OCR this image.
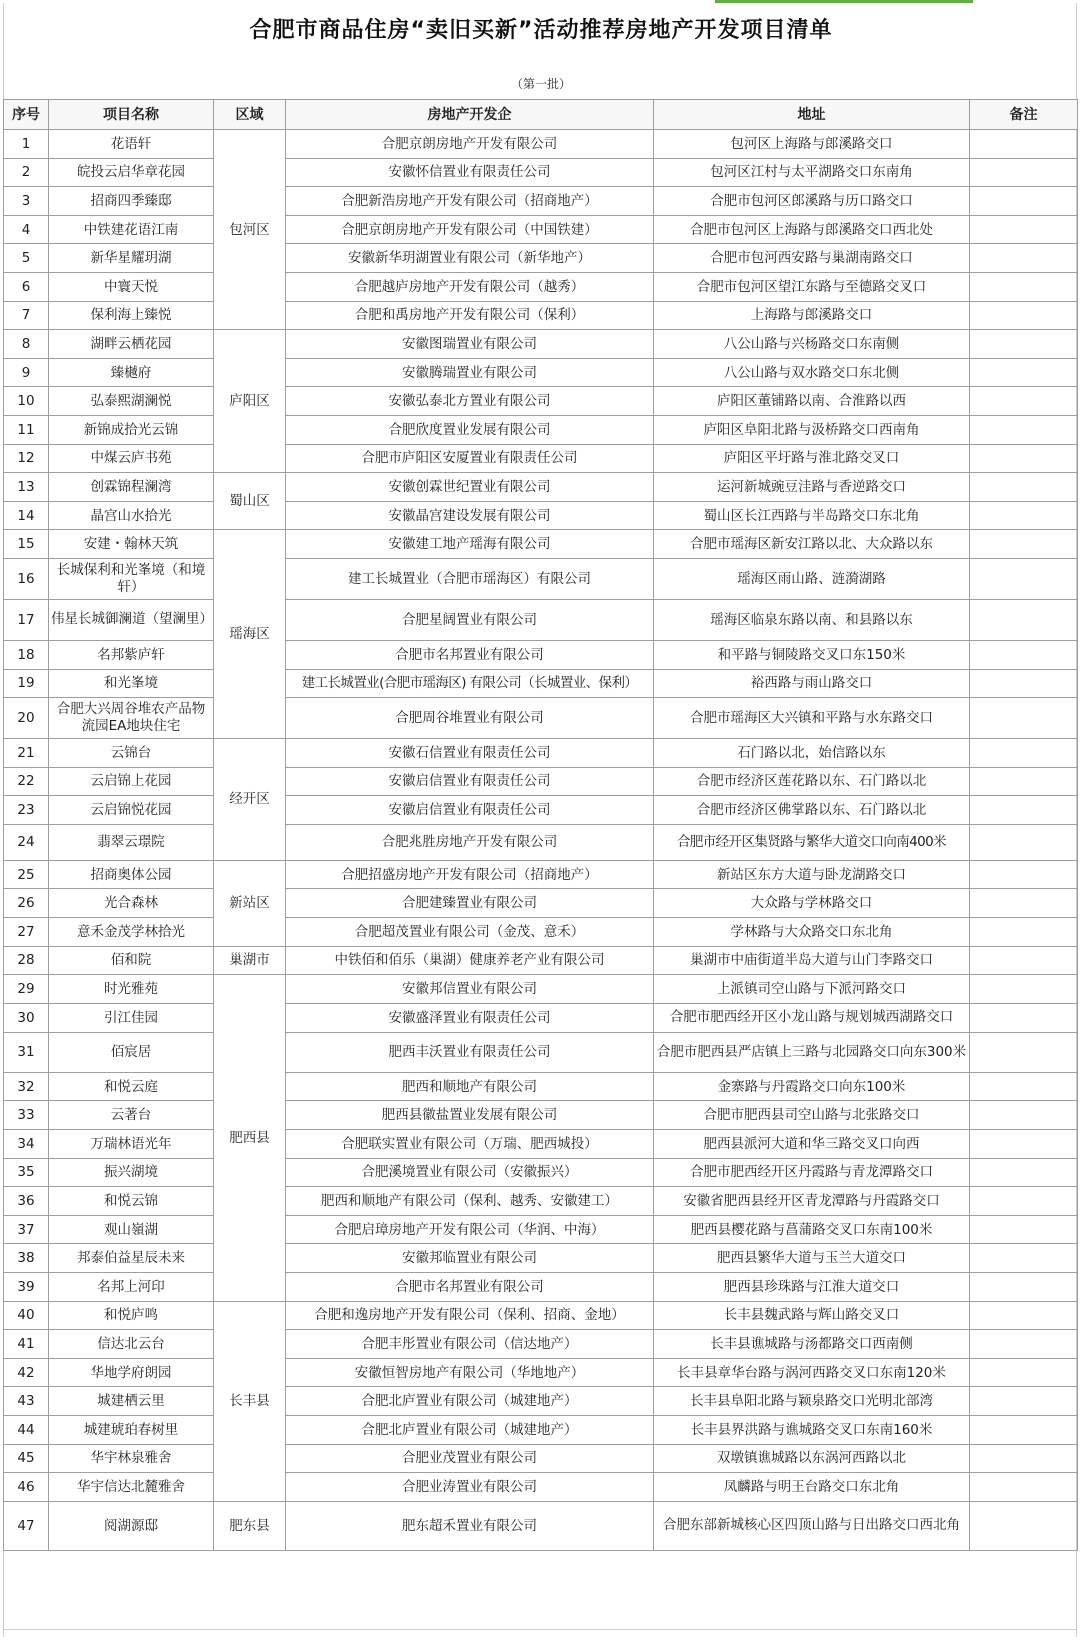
合肥市商品住房“卖旧买新”活动推荐房地产开发项目清单
（第一批）
序号	项目名称	区域	房地产开发企	地址	备注
1	花语轩	包河区	合肥京朗房地产开发有限公司	包河区上海路与郎溪路交口	
2	皖投云启华章花园		安徽怀信置业有限责任公司	包河区江村与太平湖路交口东南角	
3	招商四季臻邸		合肥新浩房地产开发有限公司（招商地产）	合肥市包河区郎溪路与历口路交口	
4	中铁建花语江南		合肥京朗房地产开发有限公司（中国铁建）	合肥市包河区上海路与郎溪路交口西北处	
5	新华星耀玥湖		安徽新华玥湖置业有限公司（新华地产）	合肥市包河西安路与巢湖南路交口	
6	中寰天悦		合肥越庐房地产开发有限公司（越秀）	合肥市包河区望江东路与至德路交叉口	
7	保利海上臻悦		合肥和禹房地产开发有限公司（保利）	上海路与郎溪路交口	
8	湖畔云栖花园	庐阳区	安徽图瑞置业有限公司	八公山路与兴杨路交口东南侧	
9	臻樾府		安徽腾瑞置业有限公司	八公山路与双水路交口东北侧	
10	弘泰熙湖澜悦		安徽弘泰北方置业有限公司	庐阳区董铺路以南、合淮路以西	
11	新锦成拾光云锦		合肥欣度置业发展有限公司	庐阳区阜阳北路与汲桥路交口西南角	
12	中煤云庐书苑		合肥市庐阳区安厦置业有限责任公司	庐阳区平圩路与淮北路交叉口	
13	创霖锦程澜湾	蜀山区	安徽创霖世纪置业有限公司	运河新城豌豆洼路与香逆路交口	
14	晶宫山水拾光		安徽晶宫建设发展有限公司	蜀山区长江西路与半岛路交口东北角	
15	安建・翰林天筑	瑶海区	安徽建工地产瑶海有限公司	合肥市瑶海区新安江路以北、大众路以东	
16	长城保利和光峯境（和境轩）		建工长城置业（合肥市瑶海区）有限公司	瑶海区雨山路、涟漪湖路	
17	伟星长城御澜道（望澜里）		合肥星阔置业有限公司	瑶海区临泉东路以南、和县路以东	
18	名邦紫庐轩		合肥市名邦置业有限公司	和平路与铜陵路交叉口东150米	
19	和光峯境		建工长城置业(合肥市瑶海区) 有限公司（长城置业、保利）	裕西路与雨山路交口	
20	合肥大兴周谷堆农产品物流园EA地块住宅		合肥周谷堆置业有限公司	合肥市瑶海区大兴镇和平路与水东路交口	
21	云锦台	经开区	安徽石信置业有限责任公司	石门路以北，始信路以东	
22	云启锦上花园		安徽启信置业有限责任公司	合肥市经济区莲花路以东、石门路以北	
23	云启锦悦花园		安徽启信置业有限责任公司	合肥市经济区佛掌路以东、石门路以北	
24	翡翠云璟院		合肥兆胜房地产开发有限公司	合肥市经开区集贤路与繁华大道交口向南400米	
25	招商奥体公园	新站区	合肥招盛房地产开发有限公司（招商地产）	新站区东方大道与卧龙湖路交口	
26	光合森林		合肥建臻置业有限公司	大众路与学林路交口	
27	意禾金茂学林拾光		合肥超茂置业有限公司（金茂、意禾）	学林路与大众路交口东北角	
28	佰和院	巢湖市	中铁佰和佰乐（巢湖）健康养老产业有限公司	巢湖市中庙街道半岛大道与山门李路交口	
29	时光雅苑	肥西县	安徽邦信置业有限公司	上派镇司空山路与下派河路交口	
30	引江佳园		安徽盛泽置业有限责任公司	合肥市肥西经开区小龙山路与规划城西湖路交口	
31	佰宸居		肥西丰沃置业有限责任公司	合肥市肥西县严店镇上三路与北园路交口向东300米	
32	和悦云庭		肥西和顺地产有限公司	金寨路与丹霞路交口向东100米	
33	云著台		肥西县徽盐置业发展有限公司	合肥市肥西县司空山路与北张路交口	
34	万瑞林语光年		合肥联实置业有限公司（万瑞、肥西城投）	肥西县派河大道和华三路交叉口向西	
35	振兴湖境		合肥溪境置业有限公司（安徽振兴）	合肥市肥西经开区丹霞路与青龙潭路交口	
36	和悦云锦		肥西和顺地产有限公司（保利、越秀、安徽建工）	安徽省肥西县经开区青龙潭路与丹霞路交口	
37	观山嶺湖		合肥启璋房地产开发有限公司（华润、中海）	肥西县樱花路与菖蒲路交叉口东南100米	
38	邦泰伯益星辰未来		安徽邦临置业有限公司	肥西县繁华大道与玉兰大道交口	
39	名邦上河印		合肥市名邦置业有限公司	肥西县珍珠路与江淮大道交口	
40	和悦庐鸣	长丰县	合肥和逸房地产开发有限公司（保利、招商、金地）	长丰县魏武路与辉山路交叉口	
41	信达北云台		合肥丰彤置业有限公司（信达地产）	长丰县谯城路与汤都路交口西南侧	
42	华地学府朗园		安徽恒智房地产有限公司（华地地产）	长丰县章华台路与涡河西路交叉口东南120米	
43	城建栖云里		合肥北庐置业有限公司（城建地产）	长丰县阜阳北路与颖泉路交口光明北部湾	
44	城建琥珀春树里		合肥北庐置业有限公司（城建地产）	长丰县界洪路与谯城路交叉口东南160米	
45	华宇林泉雅舍		合肥业茂置业有限公司	双墩镇谯城路以东涡河西路以北	
46	华宇信达北麓雅舍		合肥业涛置业有限公司	凤麟路与明王台路交口东北角	
47	阅湖源邸	肥东县	肥东超禾置业有限公司	合肥东部新城核心区四顶山路与日出路交口西北角	
